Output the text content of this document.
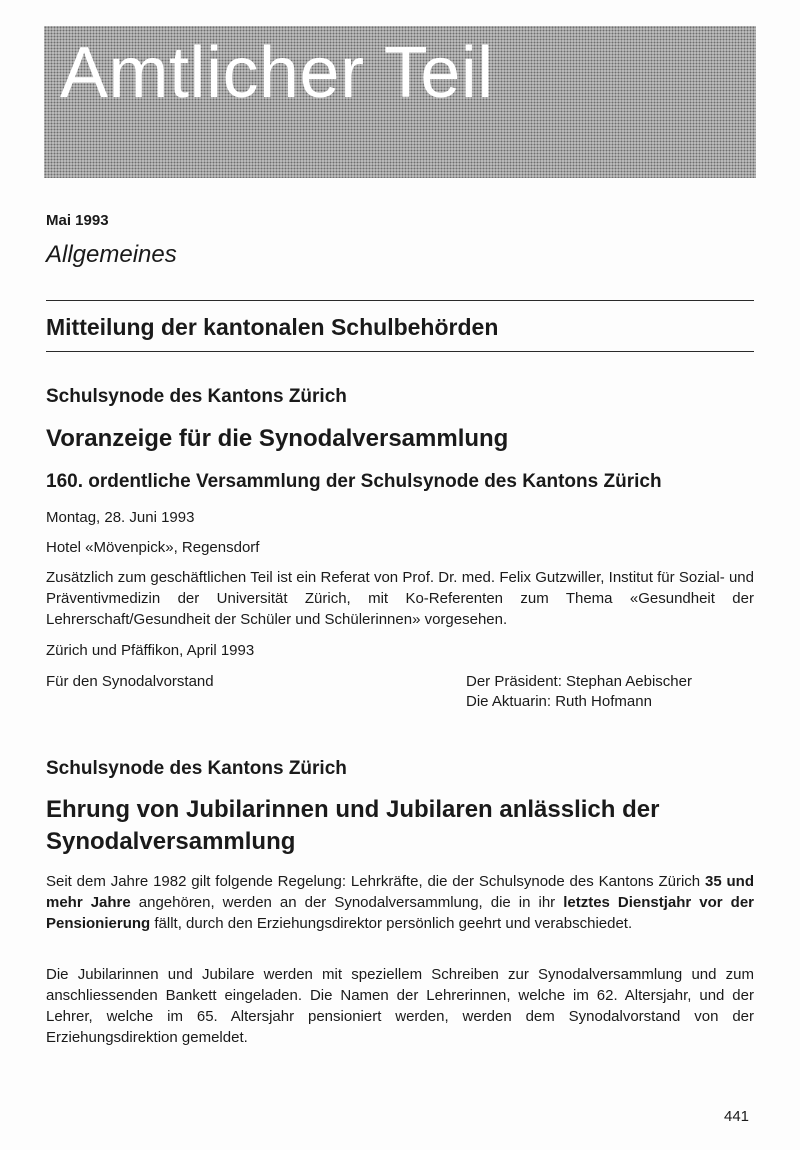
Amtlicher Teil
Mai 1993
Allgemeines
Mitteilung der kantonalen Schulbehörden
Schulsynode des Kantons Zürich
Voranzeige für die Synodalversammlung
160. ordentliche Versammlung der Schulsynode des Kantons Zürich
Montag, 28. Juni 1993
Hotel «Mövenpick», Regensdorf
Zusätzlich zum geschäftlichen Teil ist ein Referat von Prof. Dr. med. Felix Gutzwiller, Institut für Sozial- und Präventivmedizin der Universität Zürich, mit Ko-Referenten zum Thema «Gesundheit der Lehrerschaft/Gesundheit der Schüler und Schülerinnen» vorgesehen.
Zürich und Pfäffikon, April 1993
Für den Synodalvorstand	Der Präsident: Stephan Aebischer
Die Aktuarin: Ruth Hofmann
Schulsynode des Kantons Zürich
Ehrung von Jubilarinnen und Jubilaren anlässlich der Synodalversammlung
Seit dem Jahre 1982 gilt folgende Regelung: Lehrkräfte, die der Schulsynode des Kantons Zürich 35 und mehr Jahre angehören, werden an der Synodalversammlung, die in ihr letztes Dienstjahr vor der Pensionierung fällt, durch den Erziehungsdirektor persönlich geehrt und verabschiedet.
Die Jubilarinnen und Jubilare werden mit speziellem Schreiben zur Synodalversammlung und zum anschliessenden Bankett eingeladen. Die Namen der Lehrerinnen, welche im 62. Altersjahr, und der Lehrer, welche im 65. Altersjahr pensioniert werden, werden dem Synodalvorstand von der Erziehungsdirektion gemeldet.
441
